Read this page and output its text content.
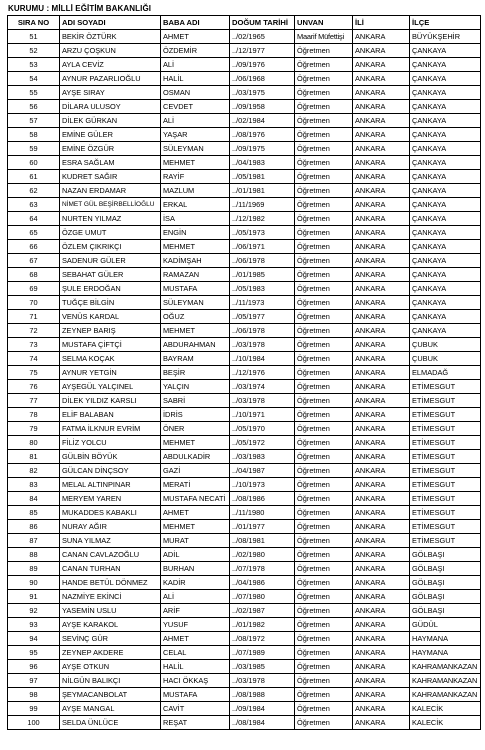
KURUMU : MİLLİ EĞİTİM BAKANLIĞI
SIRA NO	ADI SOYADI	BABA ADI	DOĞUM TARİHİ	UNVAN	İLİ	İLÇE
51	BEKİR ÖZTÜRK	AHMET	../02/1965	Maarif Müfettişi	ANKARA	BÜYÜKŞEHİR
52	ARZU ÇOŞKUN	ÖZDEMİR	../12/1977	Öğretmen	ANKARA	ÇANKAYA
53	AYLA CEVİZ	ALİ	../09/1976	Öğretmen	ANKARA	ÇANKAYA
54	AYNUR PAZARLIOĞLU	HALİL	../06/1968	Öğretmen	ANKARA	ÇANKAYA
55	AYŞE SIRAY	OSMAN	../03/1975	Öğretmen	ANKARA	ÇANKAYA
56	DİLARA ULUSOY	CEVDET	../09/1958	Öğretmen	ANKARA	ÇANKAYA
57	DİLEK GÜRKAN	ALİ	../02/1984	Öğretmen	ANKARA	ÇANKAYA
58	EMİNE GÜLER	YAŞAR	../08/1976	Öğretmen	ANKARA	ÇANKAYA
59	EMİNE ÖZGÜR	SÜLEYMAN	../09/1975	Öğretmen	ANKARA	ÇANKAYA
60	ESRA SAĞLAM	MEHMET	../04/1983	Öğretmen	ANKARA	ÇANKAYA
61	KUDRET SAĞIR	RAYİF	../05/1981	Öğretmen	ANKARA	ÇANKAYA
62	NAZAN ERDAMAR	MAZLUM	../01/1981	Öğretmen	ANKARA	ÇANKAYA
63	NİMET GÜL BEŞİRBELLİOĞLU	ERKAL	../11/1969	Öğretmen	ANKARA	ÇANKAYA
64	NURTEN YILMAZ	İSA	../12/1982	Öğretmen	ANKARA	ÇANKAYA
65	ÖZGE UMUT	ENGİN	../05/1973	Öğretmen	ANKARA	ÇANKAYA
66	ÖZLEM ÇIKRIKÇI	MEHMET	../06/1971	Öğretmen	ANKARA	ÇANKAYA
67	SADENUR GÜLER	KADİMŞAH	../06/1978	Öğretmen	ANKARA	ÇANKAYA
68	SEBAHAT GÜLER	RAMAZAN	../01/1985	Öğretmen	ANKARA	ÇANKAYA
69	ŞULE ERDOĞAN	MUSTAFA	../05/1983	Öğretmen	ANKARA	ÇANKAYA
70	TUĞÇE BİLGİN	SÜLEYMAN	../11/1973	Öğretmen	ANKARA	ÇANKAYA
71	VENÜS KARDAL	OĞUZ	../05/1977	Öğretmen	ANKARA	ÇANKAYA
72	ZEYNEP BARIŞ	MEHMET	../06/1978	Öğretmen	ANKARA	ÇANKAYA
73	MUSTAFA ÇİFTÇİ	ABDURAHMAN	../03/1978	Öğretmen	ANKARA	ÇUBUK
74	SELMA KOÇAK	BAYRAM	../10/1984	Öğretmen	ANKARA	ÇUBUK
75	AYNUR YETGİN	BEŞİR	../12/1976	Öğretmen	ANKARA	ELMADAĞ
76	AYŞEGÜL YALÇINEL	YALÇIN	../03/1974	Öğretmen	ANKARA	ETİMESGUT
77	DİLEK YILDIZ KARSLI	SABRİ	../03/1978	Öğretmen	ANKARA	ETİMESGUT
78	ELİF BALABAN	İDRİS	../10/1971	Öğretmen	ANKARA	ETİMESGUT
79	FATMA İLKNUR EVRİM	ÖNER	../05/1970	Öğretmen	ANKARA	ETİMESGUT
80	FİLİZ YOLCU	MEHMET	../05/1972	Öğretmen	ANKARA	ETİMESGUT
81	GÜLBİN BÖYÜK	ABDULKADİR	../03/1983	Öğretmen	ANKARA	ETİMESGUT
82	GÜLCAN DİNÇSOY	GAZİ	../04/1987	Öğretmen	ANKARA	ETİMESGUT
83	MELAL ALTINPINAR	MERATİ	../10/1973	Öğretmen	ANKARA	ETİMESGUT
84	MERYEM YAREN	MUSTAFA NECATİ	../08/1986	Öğretmen	ANKARA	ETİMESGUT
85	MUKADDES KABAKLI	AHMET	../11/1980	Öğretmen	ANKARA	ETİMESGUT
86	NURAY AĞIR	MEHMET	../01/1977	Öğretmen	ANKARA	ETİMESGUT
87	SUNA YILMAZ	MURAT	../08/1981	Öğretmen	ANKARA	ETİMESGUT
88	CANAN CAVLAZOĞLU	ADİL	../02/1980	Öğretmen	ANKARA	GÖLBAŞI
89	CANAN TURHAN	BURHAN	../07/1978	Öğretmen	ANKARA	GÖLBAŞI
90	HANDE BETÜL DÖNMEZ	KADİR	../04/1986	Öğretmen	ANKARA	GÖLBAŞI
91	NAZMİYE EKİNCİ	ALİ	../07/1980	Öğretmen	ANKARA	GÖLBAŞI
92	YASEMİN USLU	ARİF	../02/1987	Öğretmen	ANKARA	GÖLBAŞI
93	AYŞE KARAKOL	YUSUF	../01/1982	Öğretmen	ANKARA	GÜDÜL
94	SEVİNÇ GÜR	AHMET	../08/1972	Öğretmen	ANKARA	HAYMANA
95	ZEYNEP AKDERE	CELAL	../07/1989	Öğretmen	ANKARA	HAYMANA
96	AYŞE OTKUN	HALİL	../03/1985	Öğretmen	ANKARA	KAHRAMANKAZAN
97	NİLGÜN BALIKÇI	HACI ÖKKAŞ	../03/1978	Öğretmen	ANKARA	KAHRAMANKAZAN
98	ŞEYMACANBOLAT	MUSTAFA	../08/1988	Öğretmen	ANKARA	KAHRAMANKAZAN
99	AYŞE MANGAL	CAVİT	../09/1984	Öğretmen	ANKARA	KALECİK
100	SELDA ÜNLÜCE	REŞAT	../08/1984	Öğretmen	ANKARA	KALECİK
